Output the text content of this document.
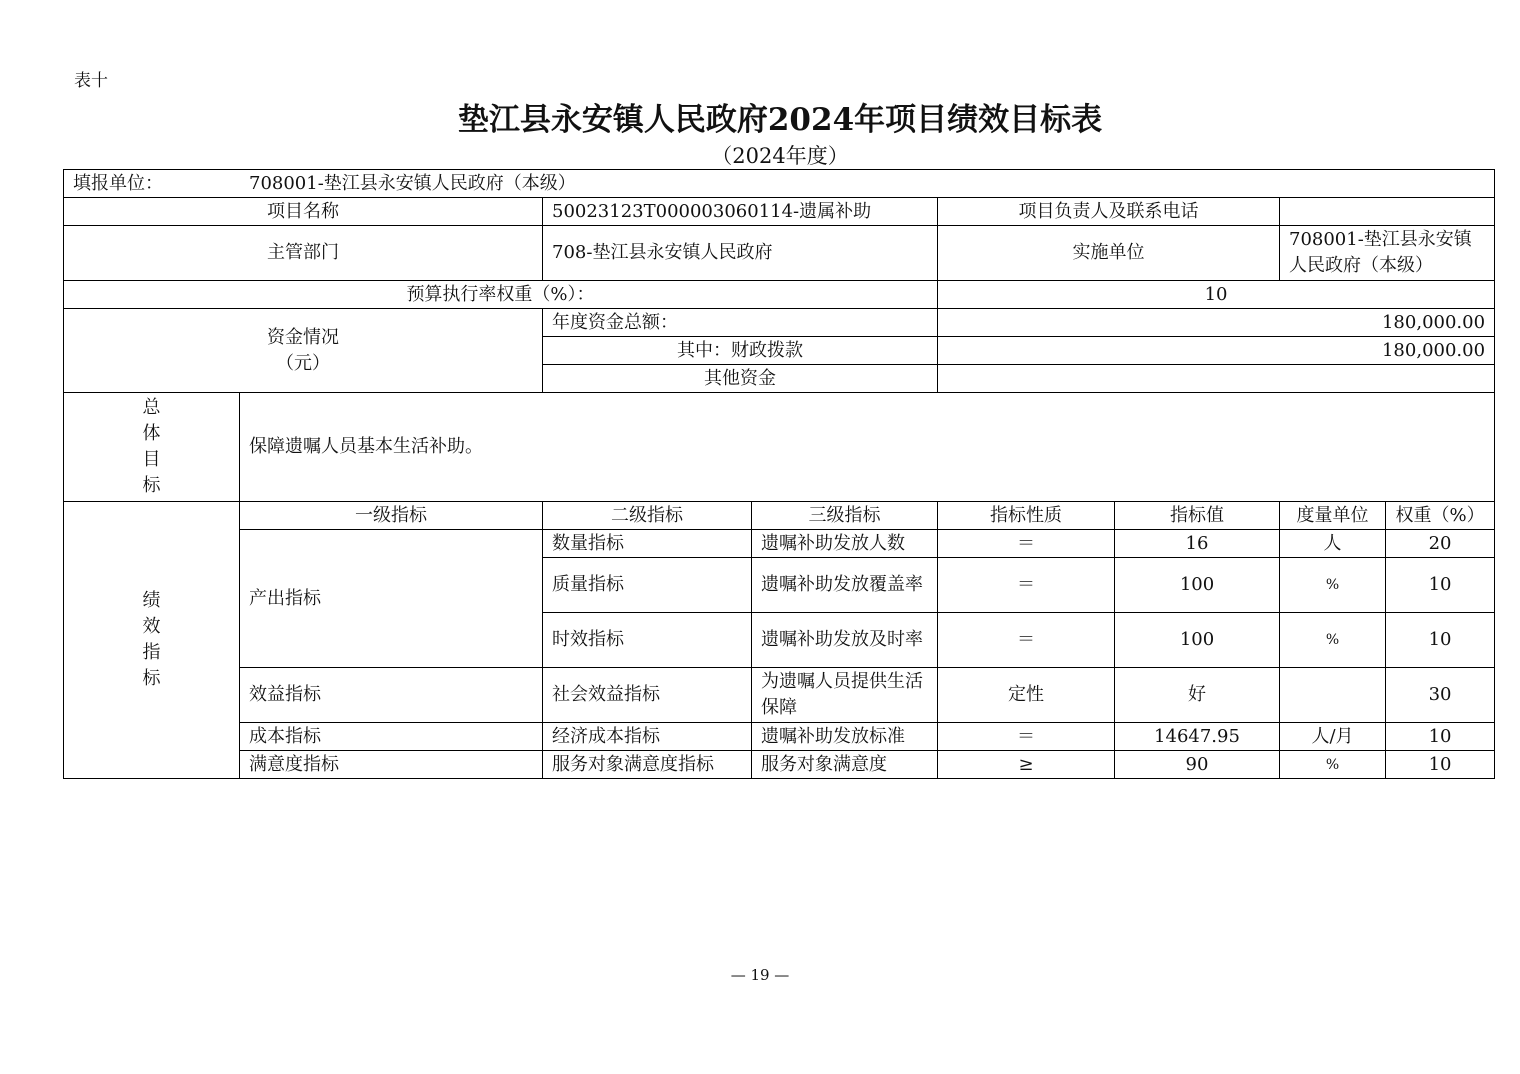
表十
垫江县永安镇人民政府2024年项目绩效目标表
（2024年度）
填报单位： 708001-垫江县永安镇人民政府（本级）							
项目名称		50023123T000003060114-遗属补助		项目负责人及联系电话			
主管部门		708-垫江县永安镇人民政府		实施单位		708001-垫江县永安镇人民政府（本级）	
预算执行率权重（%）：				10			

资金情况
（元）		年度资金总额：		180,000.00			
		其中：财政拨款		180,000.00			
		其他资金					

总
体
目
标	保障遗嘱人员基本生活补助。						

绩
效
指
标	一级指标	二级指标	三级指标	指标性质	指标值	度量单位	权重（%）
	产出指标	数量指标	遗嘱补助发放人数	＝	16	人	20
		质量指标	遗嘱补助发放覆盖率	＝	100	%	10
		时效指标	遗嘱补助发放及时率	＝	100	%	10
	效益指标	社会效益指标	为遗嘱人员提供生活保障	定性	好		30
	成本指标	经济成本指标	遗嘱补助发放标准	＝	14647.95	人/月	10
	满意度指标	服务对象满意度指标	服务对象满意度	≥	90	%	10
— 19 —
